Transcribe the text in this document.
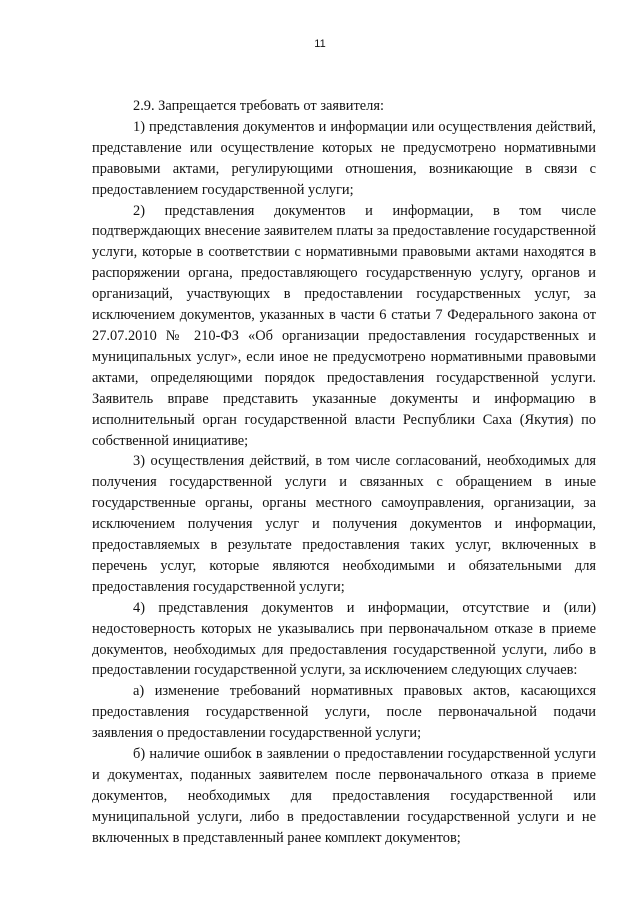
11

2.9. Запрещается требовать от заявителя:

1) представления документов и информации или осуществления действий, представление или осуществление которых не предусмотрено нормативными правовыми актами, регулирующими отношения, возникающие в связи с предоставлением государственной услуги;

2) представления документов и информации, в том числе подтверждающих внесение заявителем платы за предоставление государственной услуги, которые в соответствии с нормативными правовыми актами находятся в распоряжении органа, предоставляющего государственную услугу, органов и организаций, участвующих в предоставлении государственных услуг, за исключением документов, указанных в части 6 статьи 7 Федерального закона от 27.07.2010 № 210-ФЗ «Об организации предоставления государственных и муниципальных услуг», если иное не предусмотрено нормативными правовыми актами, определяющими порядок предоставления государственной услуги. Заявитель вправе представить указанные документы и информацию в исполнительный орган государственной власти Республики Саха (Якутия) по собственной инициативе;

3) осуществления действий, в том числе согласований, необходимых для получения государственной услуги и связанных с обращением в иные государственные органы, органы местного самоуправления, организации, за исключением получения услуг и получения документов и информации, предоставляемых в результате предоставления таких услуг, включенных в перечень услуг, которые являются необходимыми и обязательными для предоставления государственной услуги;

4) представления документов и информации, отсутствие и (или) недостоверность которых не указывались при первоначальном отказе в приеме документов, необходимых для предоставления государственной услуги, либо в предоставлении государственной услуги, за исключением следующих случаев:

а) изменение требований нормативных правовых актов, касающихся предоставления государственной услуги, после первоначальной подачи заявления о предоставлении государственной услуги;

б) наличие ошибок в заявлении о предоставлении государственной услуги и документах, поданных заявителем после первоначального отказа в приеме документов, необходимых для предоставления государственной или муниципальной услуги, либо в предоставлении государственной услуги и не включенных в представленный ранее комплект документов;
